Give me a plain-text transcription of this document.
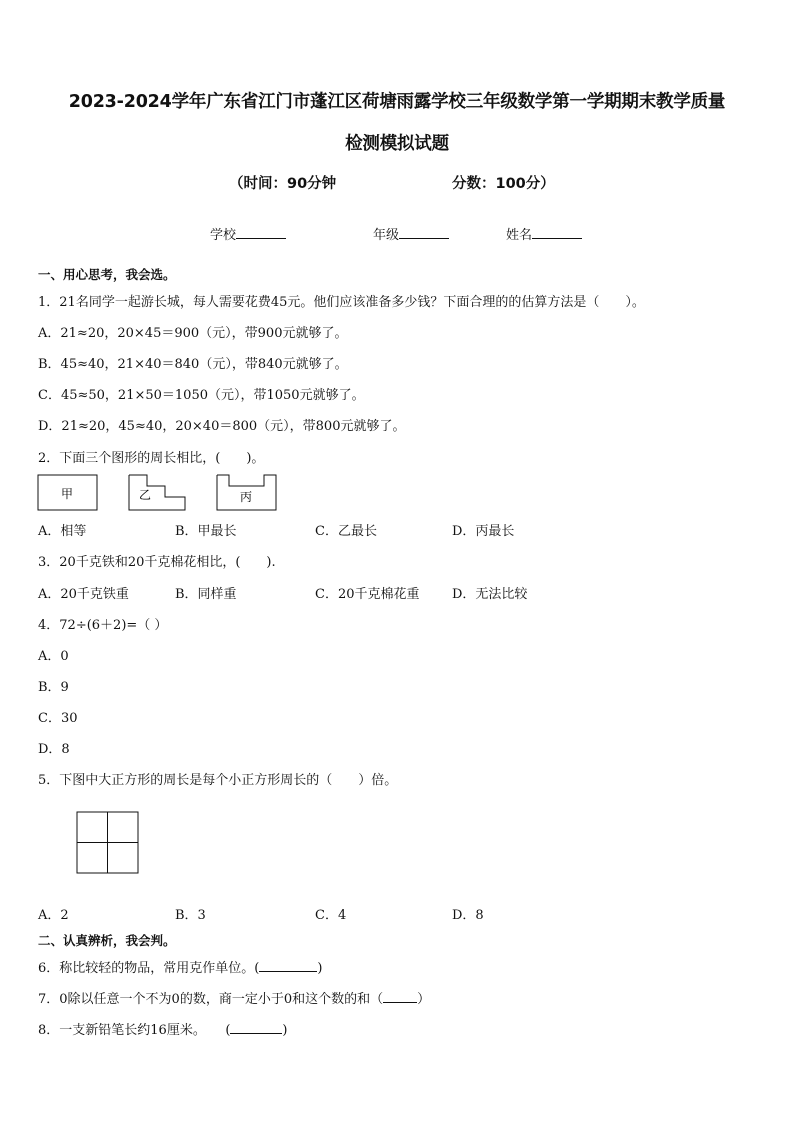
2023-2024学年广东省江门市蓬江区荷塘雨露学校三年级数学第一学期期末教学质量
检测模拟试题
（时间：90分钟	分数：100分）
学校	年级	姓名
一、用心思考，我会选。
1．21名同学一起游长城，每人需要花费45元。他们应该准备多少钱？下面合理的的估算方法是（　　）。
A．21≈20，20×45＝900（元），带900元就够了。
B．45≈40，21×40＝840（元），带840元就够了。
C．45≈50，21×50＝1050（元），带1050元就够了。
D．21≈20，45≈40，20×40＝800（元），带800元就够了。
2．下面三个图形的周长相比，(　　)。
甲	乙	丙
A．相等	B．甲最长	C．乙最长	D．丙最长
3．20千克铁和20千克棉花相比，(　　).
A．20千克铁重	B．同样重	C．20千克棉花重	D．无法比较
4．72÷(6＋2)=（ ）
A．0
B．9
C．30
D．8
5．下图中大正方形的周长是每个小正方形周长的（　　）倍。
A．2	B．3	C．4	D．8
二、认真辨析，我会判。
6．称比较轻的物品，常用克作单位。(	)
7．0除以任意一个不为0的数，商一定小于0和这个数的和（	）
8．一支新铅笔长约16厘米。　　(	)
